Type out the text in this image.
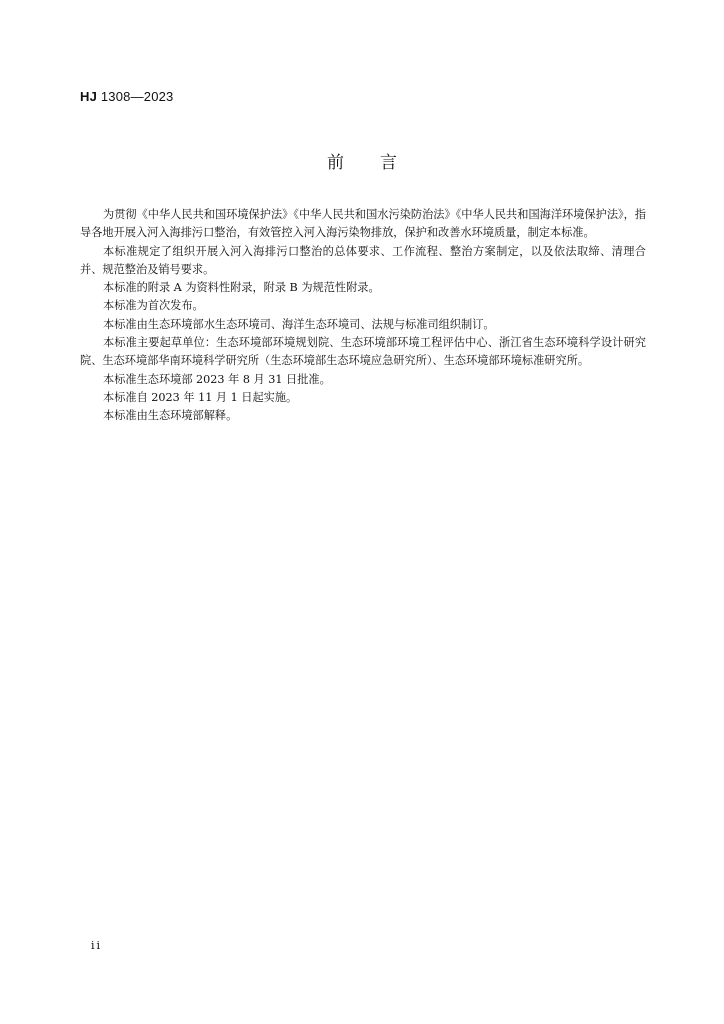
HJ 1308—2023
前言

为贯彻《中华人民共和国环境保护法》《中华人民共和国水污染防治法》《中华人民共和国海洋环境保护法》，指导各地开展入河入海排污口整治，有效管控入河入海污染物排放，保护和改善水环境质量，制定本标准。

本标准规定了组织开展入河入海排污口整治的总体要求、工作流程、整治方案制定，以及依法取缔、清理合并、规范整治及销号要求。

本标准的附录 A 为资料性附录，附录 B 为规范性附录。

本标准为首次发布。

本标准由生态环境部水生态环境司、海洋生态环境司、法规与标准司组织制订。

本标准主要起草单位：生态环境部环境规划院、生态环境部环境工程评估中心、浙江省生态环境科学设计研究院、生态环境部华南环境科学研究所（生态环境部生态环境应急研究所）、生态环境部环境标准研究所。

本标准生态环境部 2023 年 8 月 31 日批准。

本标准自 2023 年 11 月 1 日起实施。

本标准由生态环境部解释。

ii
